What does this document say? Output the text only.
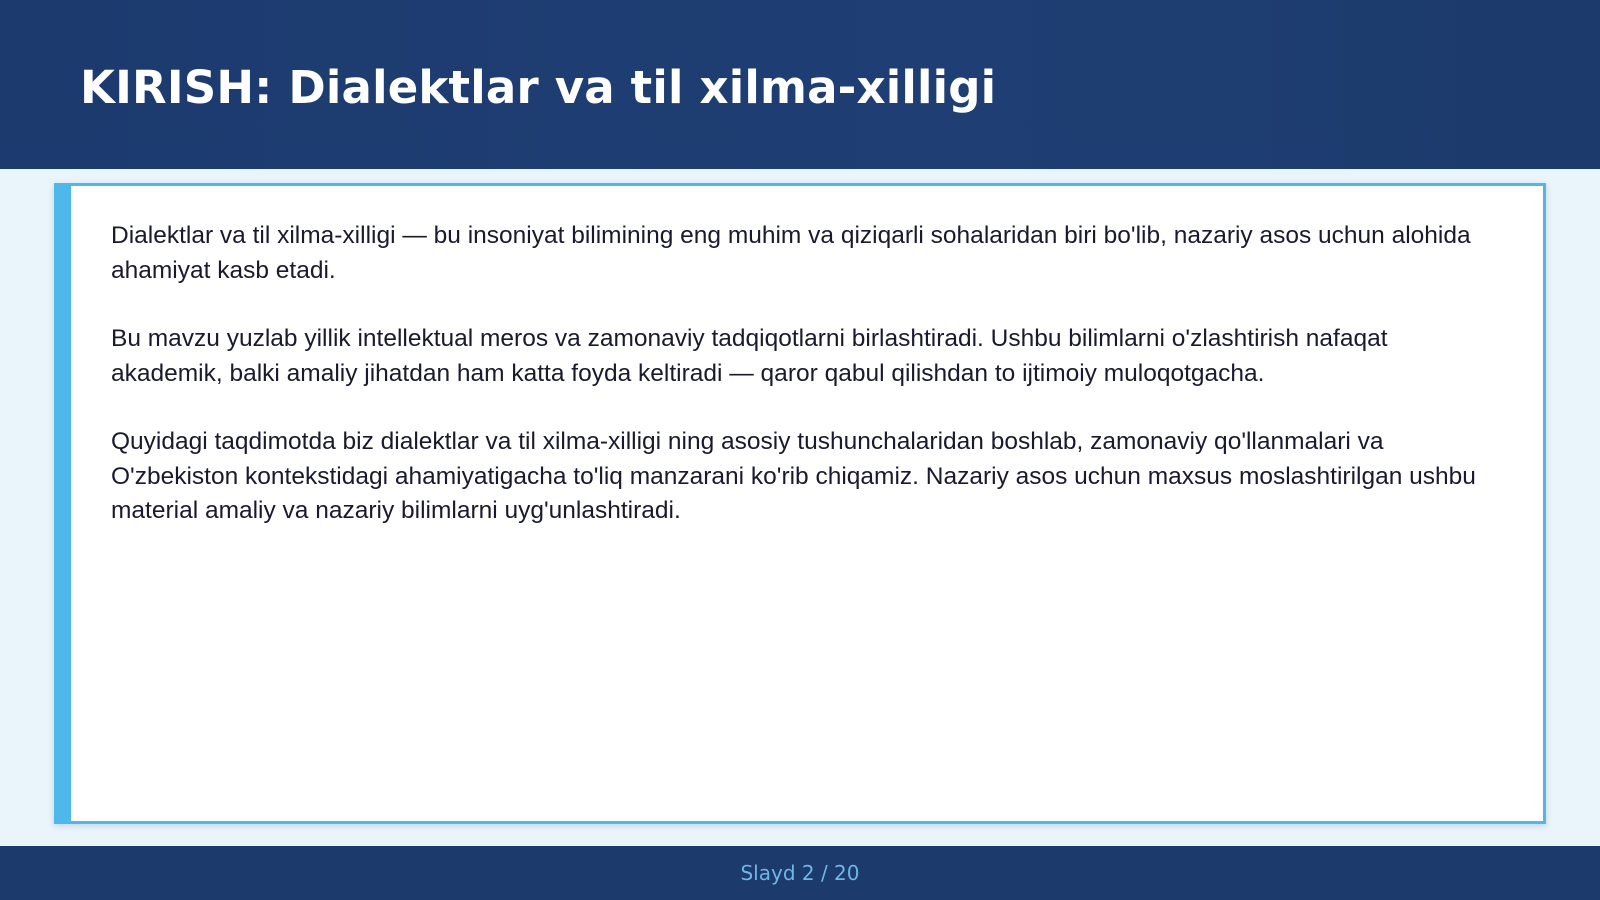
KIRISH: Dialektlar va til xilma-xilligi

Dialektlar va til xilma-xilligi — bu insoniyat bilimining eng muhim va qiziqarli sohalaridan biri bo'lib, nazariy asos uchun alohida ahamiyat kasb etadi.

Bu mavzu yuzlab yillik intellektual meros va zamonaviy tadqiqotlarni birlashtiradi. Ushbu bilimlarni o'zlashtirish nafaqat akademik, balki amaliy jihatdan ham katta foyda keltiradi — qaror qabul qilishdan to ijtimoiy muloqotgacha.

Quyidagi taqdimotda biz dialektlar va til xilma-xilligi ning asosiy tushunchalaridan boshlab, zamonaviy qo'llanmalari va O'zbekiston kontekstidagi ahamiyatigacha to'liq manzarani ko'rib chiqamiz. Nazariy asos uchun maxsus moslashtirilgan ushbu material amaliy va nazariy bilimlarni uyg'unlashtiradi.

Slayd 2 / 20
